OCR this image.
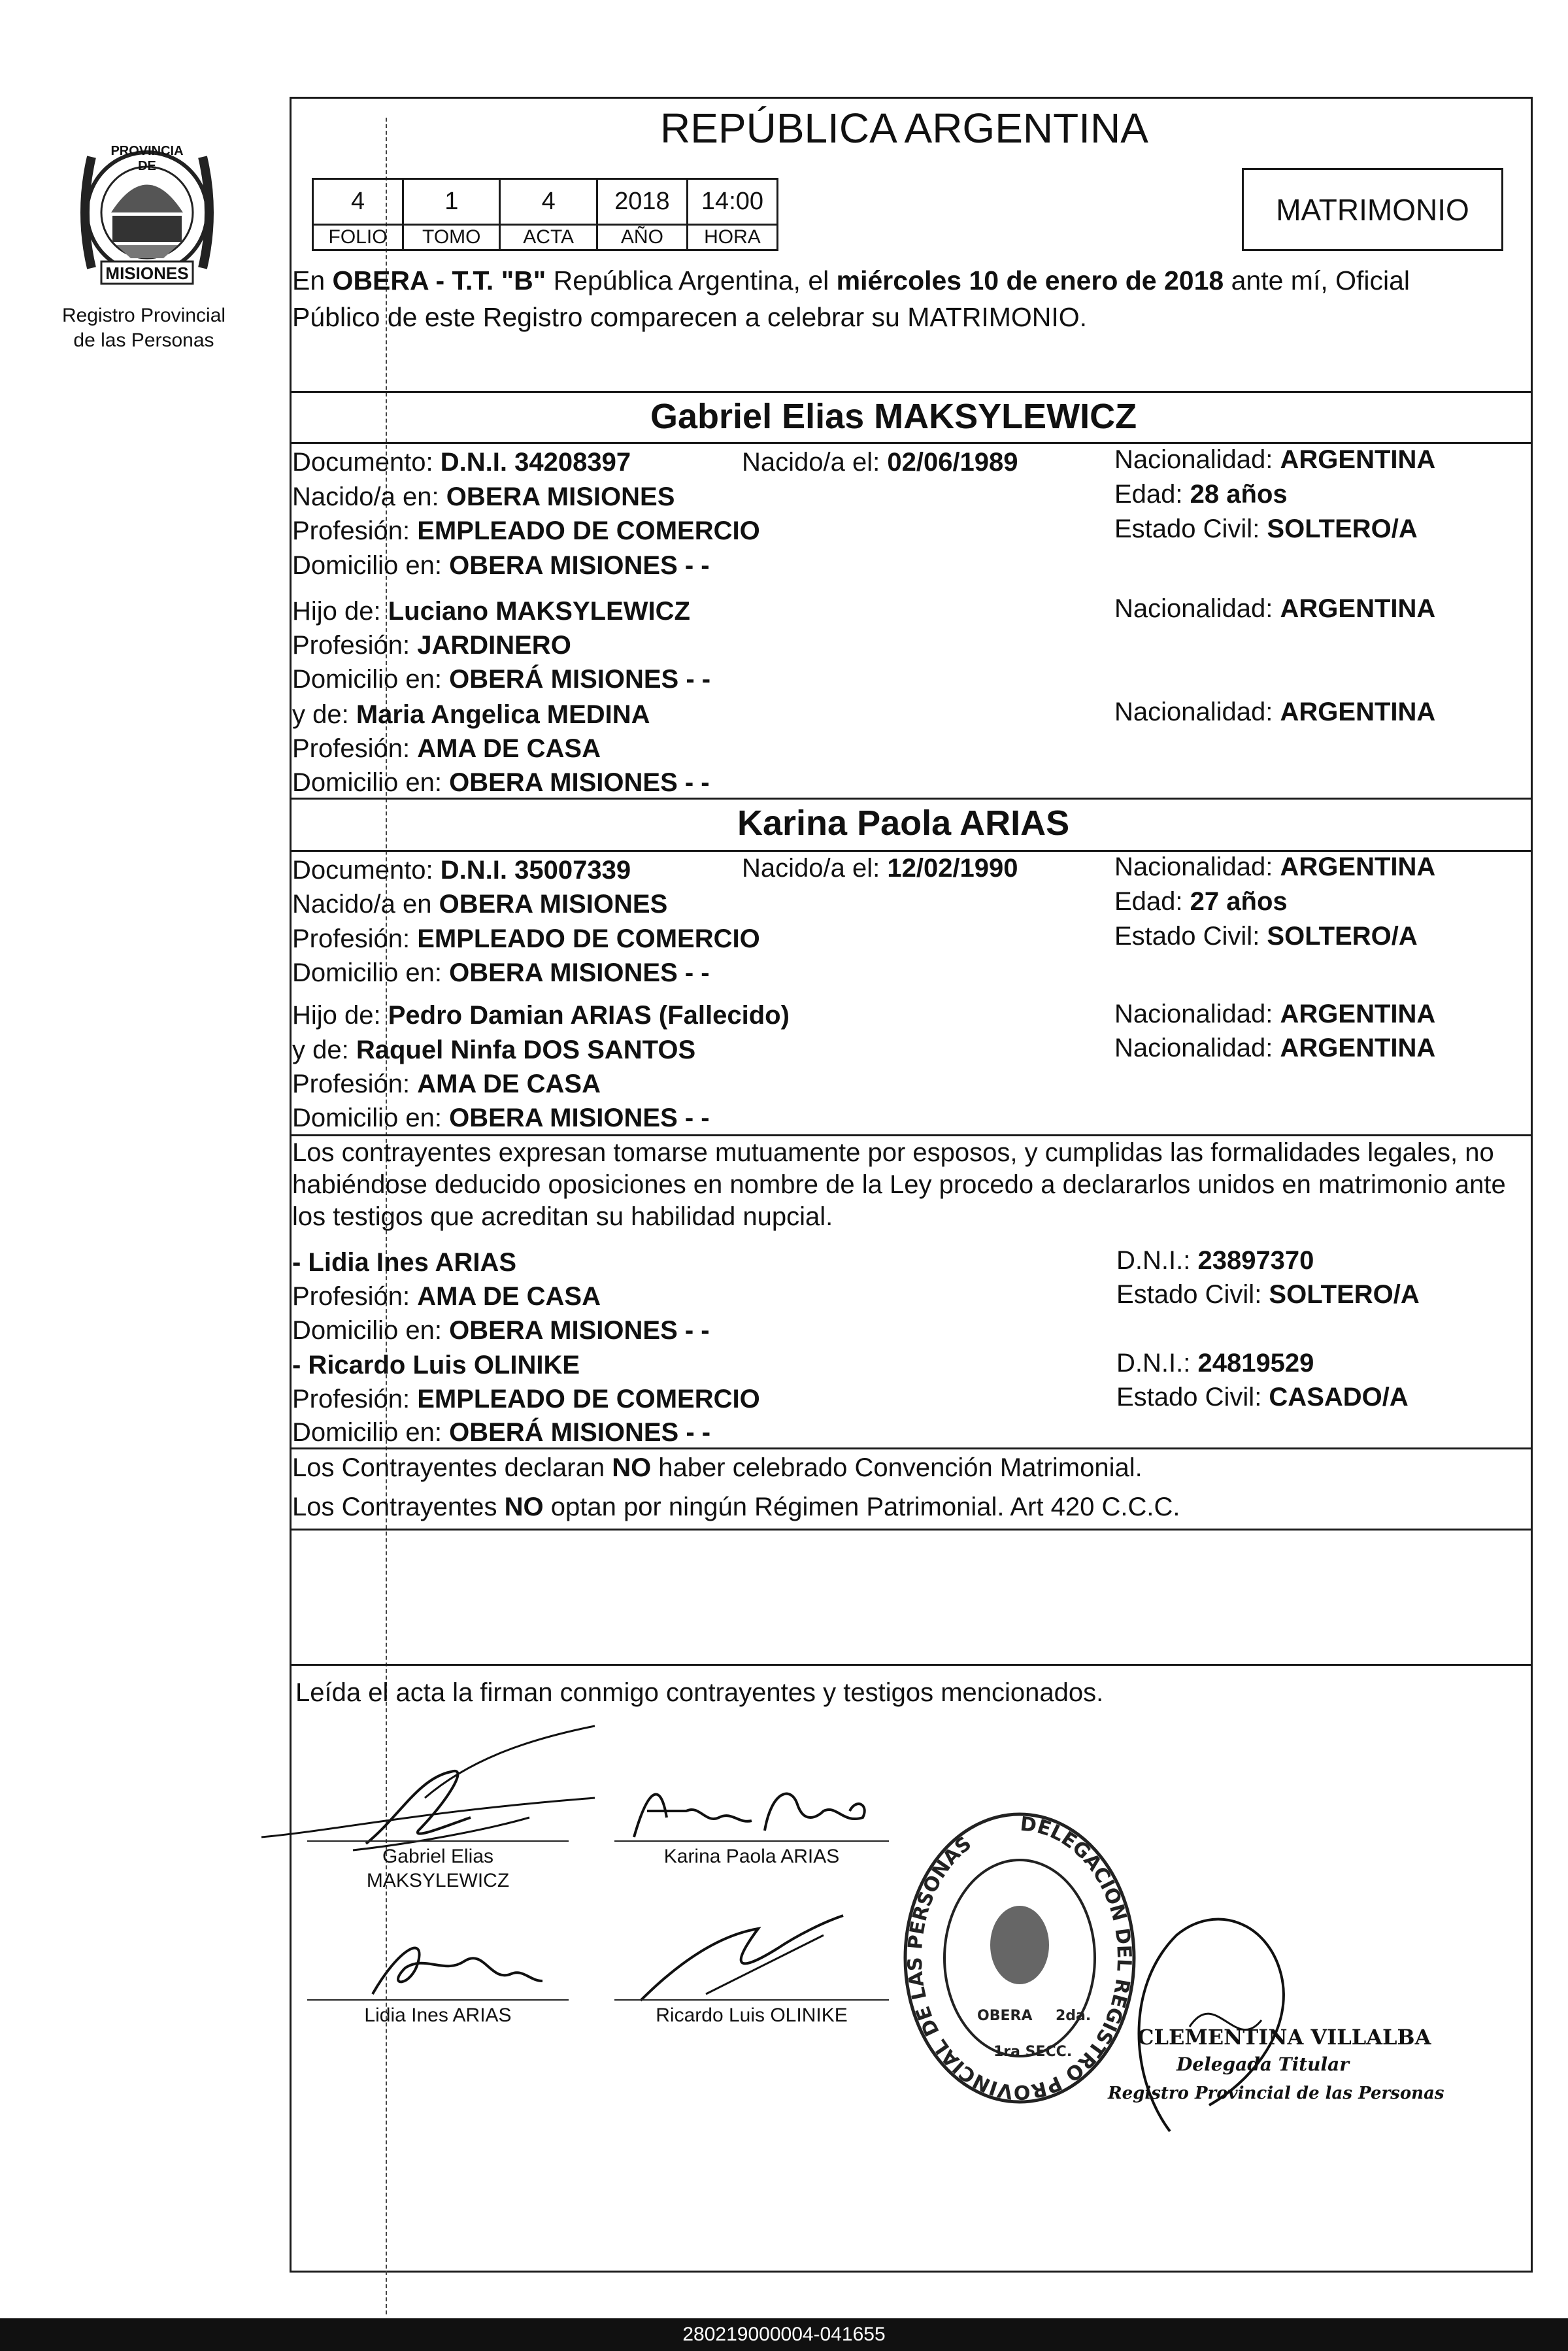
PROVINCIA DE
MISIONES
Registro Provincial
de las Personas
REPÚBLICA ARGENTINA
4	1	4	2018	14:00
FOLIO	TOMO	ACTA	AÑO	HORA
MATRIMONIO
En OBERA - T.T. "B" República Argentina, el miércoles 10 de enero de 2018 ante mí, Oficial
Público de este Registro comparecen a celebrar su MATRIMONIO.
Gabriel Elias MAKSYLEWICZ
Documento: D.N.I. 34208397	Nacido/a el: 02/06/1989	Nacionalidad: ARGENTINA
Nacido/a en: OBERA MISIONES	Edad: 28 años
Profesión: EMPLEADO DE COMERCIO	Estado Civil: SOLTERO/A
Domicilio en: OBERA MISIONES - -
Hijo de: Luciano MAKSYLEWICZ	Nacionalidad: ARGENTINA
Profesión: JARDINERO
Domicilio en: OBERÁ MISIONES - -
y de: Maria Angelica MEDINA	Nacionalidad: ARGENTINA
Profesión: AMA DE CASA
Domicilio en: OBERA MISIONES - -
Karina Paola ARIAS
Documento: D.N.I. 35007339	Nacido/a el: 12/02/1990	Nacionalidad: ARGENTINA
Nacido/a en OBERA MISIONES	Edad: 27 años
Profesión: EMPLEADO DE COMERCIO	Estado Civil: SOLTERO/A
Domicilio en: OBERA MISIONES - -
Hijo de: Pedro Damian ARIAS (Fallecido)	Nacionalidad: ARGENTINA
y de: Raquel Ninfa DOS SANTOS	Nacionalidad: ARGENTINA
Profesión: AMA DE CASA
Domicilio en: OBERA MISIONES - -
Los contrayentes expresan tomarse mutuamente por esposos, y cumplidas las formalidades legales, no
habiéndose deducido oposiciones en nombre de la Ley procedo a declararlos unidos en matrimonio ante
los testigos que acreditan su habilidad nupcial.
- Lidia Ines ARIAS	D.N.I.: 23897370
Profesión: AMA DE CASA	Estado Civil: SOLTERO/A
Domicilio en: OBERA MISIONES - -
- Ricardo Luis OLINIKE	D.N.I.: 24819529
Profesión: EMPLEADO DE COMERCIO	Estado Civil: CASADO/A
Domicilio en: OBERÁ MISIONES - -
Los Contrayentes declaran NO haber celebrado Convención Matrimonial.
Los Contrayentes NO optan por ningún Régimen Patrimonial. Art 420 C.C.C.
Leída el acta la firman conmigo contrayentes y testigos mencionados.
Gabriel Elias
MAKSYLEWICZ
Karina Paola ARIAS
Lidia Ines ARIAS	Ricardo Luis OLINIKE
DELEGACION DEL REGISTRO PROVINCIAL DE LAS PERSONAS
OBERA
1ra SECC.
2da.
CLEMENTINA VILLALBA
Delegada Titular
Registro Provincial de las Personas
280219000004-041655
